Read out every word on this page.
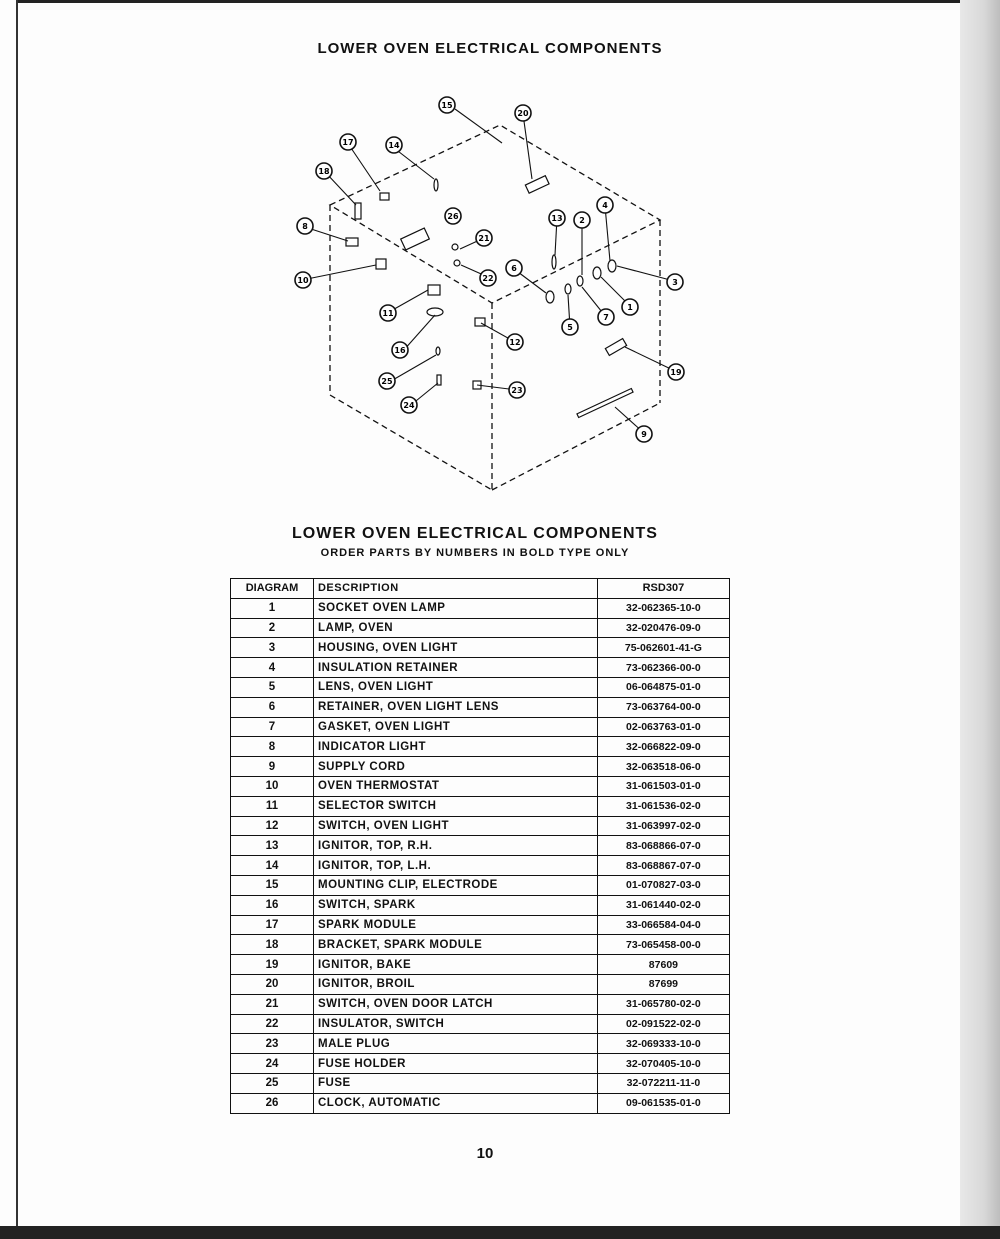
LOWER OVEN ELECTRICAL COMPONENTS
1
2
3
4
5
6
7
8
9
10
11
12
13
14
15
16
17
18
19
20
21
22
23
24
25
26
LOWER OVEN ELECTRICAL COMPONENTS
ORDER PARTS BY NUMBERS IN BOLD TYPE ONLY
DIAGRAM	DESCRIPTION	RSD307
1	SOCKET OVEN LAMP	32-062365-10-0
2	LAMP, OVEN	32-020476-09-0
3	HOUSING, OVEN LIGHT	75-062601-41-G
4	INSULATION RETAINER	73-062366-00-0
5	LENS, OVEN LIGHT	06-064875-01-0
6	RETAINER, OVEN LIGHT LENS	73-063764-00-0
7	GASKET, OVEN LIGHT	02-063763-01-0
8	INDICATOR LIGHT	32-066822-09-0
9	SUPPLY CORD	32-063518-06-0
10	OVEN THERMOSTAT	31-061503-01-0
11	SELECTOR SWITCH	31-061536-02-0
12	SWITCH, OVEN LIGHT	31-063997-02-0
13	IGNITOR, TOP, R.H.	83-068866-07-0
14	IGNITOR, TOP, L.H.	83-068867-07-0
15	MOUNTING CLIP, ELECTRODE	01-070827-03-0
16	SWITCH, SPARK	31-061440-02-0
17	SPARK MODULE	33-066584-04-0
18	BRACKET, SPARK MODULE	73-065458-00-0
19	IGNITOR, BAKE	87609
20	IGNITOR, BROIL	87699
21	SWITCH, OVEN DOOR LATCH	31-065780-02-0
22	INSULATOR, SWITCH	02-091522-02-0
23	MALE PLUG	32-069333-10-0
24	FUSE HOLDER	32-070405-10-0
25	FUSE	32-072211-11-0
26	CLOCK, AUTOMATIC	09-061535-01-0
10
